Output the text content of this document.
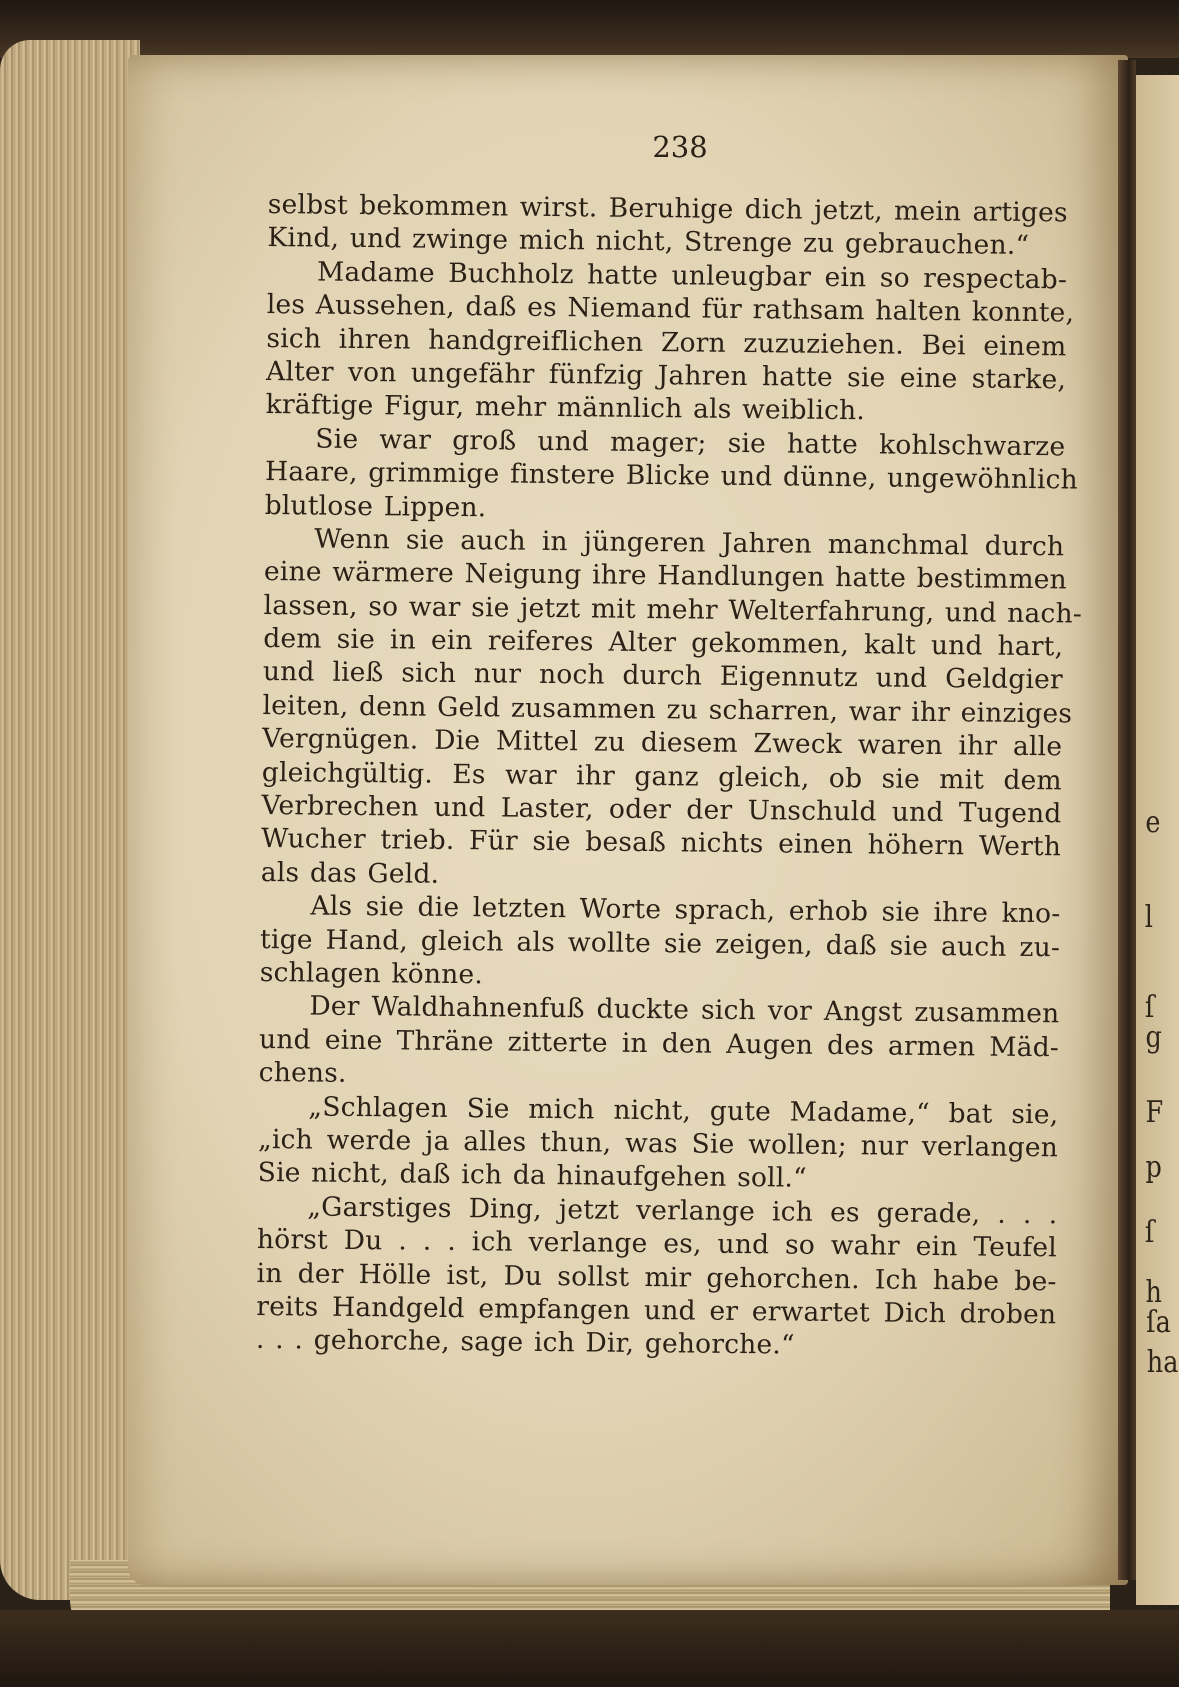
e
l
ſ
g
F
p
ſ
h
ſa
ha
238
selbst bekommen wirst. Beruhige dich jetzt, mein artiges
Kind, und zwinge mich nicht, Strenge zu gebrauchen.“
Madame Buchholz hatte unleugbar ein so respectab-
les Aussehen, daß es Niemand für rathsam halten konnte,
sich ihren handgreiflichen Zorn zuzuziehen. Bei einem
Alter von ungefähr fünfzig Jahren hatte sie eine starke,
kräftige Figur, mehr männlich als weiblich.
Sie war groß und mager; sie hatte kohlschwarze
Haare, grimmige finstere Blicke und dünne, ungewöhnlich
blutlose Lippen.
Wenn sie auch in jüngeren Jahren manchmal durch
eine wärmere Neigung ihre Handlungen hatte bestimmen
lassen, so war sie jetzt mit mehr Welterfahrung, und nach-
dem sie in ein reiferes Alter gekommen, kalt und hart,
und ließ sich nur noch durch Eigennutz und Geldgier
leiten, denn Geld zusammen zu scharren, war ihr einziges
Vergnügen. Die Mittel zu diesem Zweck waren ihr alle
gleichgültig. Es war ihr ganz gleich, ob sie mit dem
Verbrechen und Laster, oder der Unschuld und Tugend
Wucher trieb. Für sie besaß nichts einen höhern Werth
als das Geld.
Als sie die letzten Worte sprach, erhob sie ihre kno-
tige Hand, gleich als wollte sie zeigen, daß sie auch zu-
schlagen könne.
Der Waldhahnenfuß duckte sich vor Angst zusammen
und eine Thräne zitterte in den Augen des armen Mäd-
chens.
„Schlagen Sie mich nicht, gute Madame,“ bat sie,
„ich werde ja alles thun, was Sie wollen; nur verlangen
Sie nicht, daß ich da hinaufgehen soll.“
„Garstiges Ding, jetzt verlange ich es gerade, . . .
hörst Du . . . ich verlange es, und so wahr ein Teufel
in der Hölle ist, Du sollst mir gehorchen. Ich habe be-
reits Handgeld empfangen und er erwartet Dich droben
. . . gehorche, sage ich Dir, gehorche.“
